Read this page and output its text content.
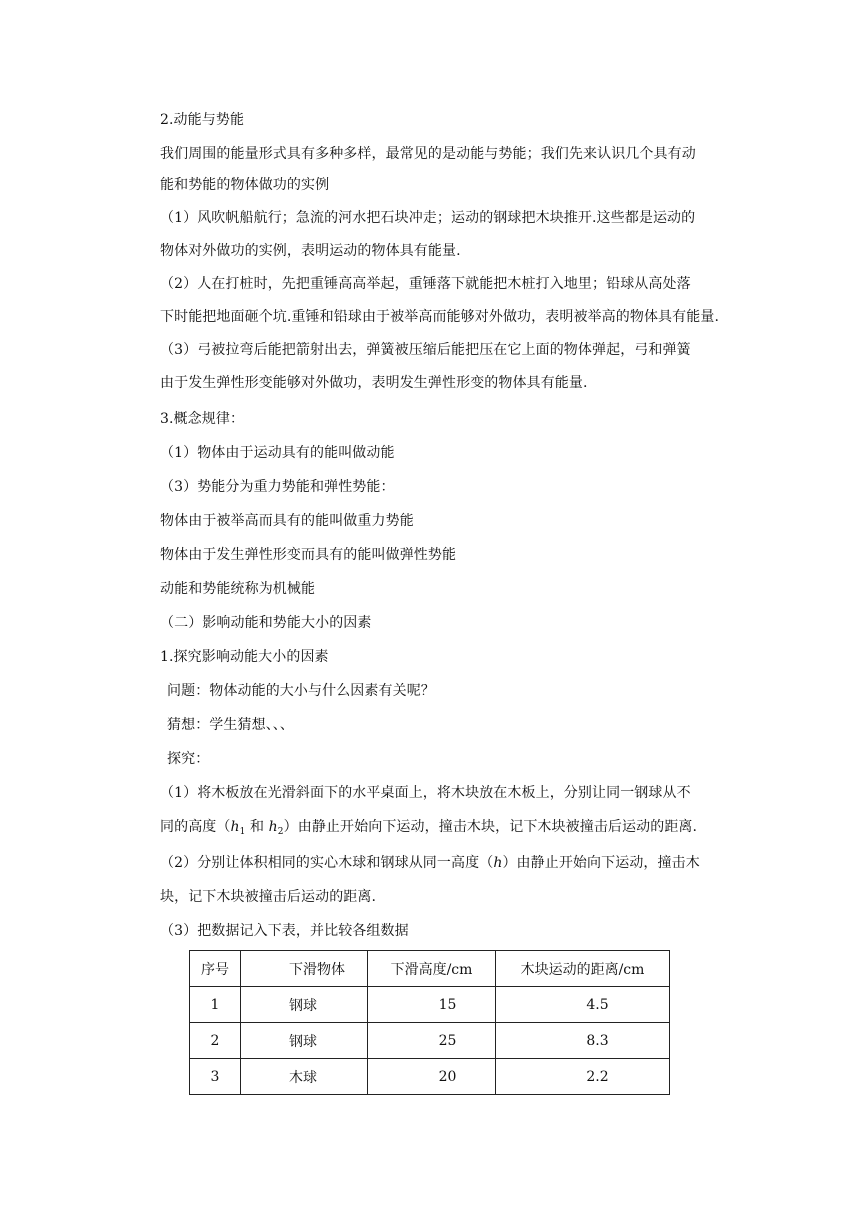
2.动能与势能
我们周围的能量形式具有多种多样，最常见的是动能与势能；我们先来认识几个具有动
能和势能的物体做功的实例
（1）风吹帆船航行；急流的河水把石块冲走；运动的钢球把木块推开.这些都是运动的
物体对外做功的实例，表明运动的物体具有能量.
（2）人在打桩时，先把重锤高高举起，重锤落下就能把木桩打入地里；铅球从高处落
下时能把地面砸个坑.重锤和铅球由于被举高而能够对外做功，表明被举高的物体具有能量.
（3）弓被拉弯后能把箭射出去，弹簧被压缩后能把压在它上面的物体弹起，弓和弹簧
由于发生弹性形变能够对外做功，表明发生弹性形变的物体具有能量.
3.概念规律：
（1）物体由于运动具有的能叫做动能
（3）势能分为重力势能和弹性势能：
物体由于被举高而具有的能叫做重力势能
物体由于发生弹性形变而具有的能叫做弹性势能
动能和势能统称为机械能
（二）影响动能和势能大小的因素
1.探究影响动能大小的因素
问题：物体动能的大小与什么因素有关呢？
猜想：学生猜想、、、
探究：
（1）将木板放在光滑斜面下的水平桌面上，将木块放在木板上，分别让同一钢球从不
同的高度（$h_1$ 和 $h_2$）由静止开始向下运动，撞击木块，记下木块被撞击后运动的距离.
（2）分别让体积相同的实心木球和钢球从同一高度（h）由静止开始向下运动，撞击木
块，记下木块被撞击后运动的距离.
（3）把数据记入下表，并比较各组数据
序号	下滑物体	下滑高度/cm	木块运动的距离/cm
1	钢球	15	4.5
2	钢球	25	8.3
3	木球	20	2.2
